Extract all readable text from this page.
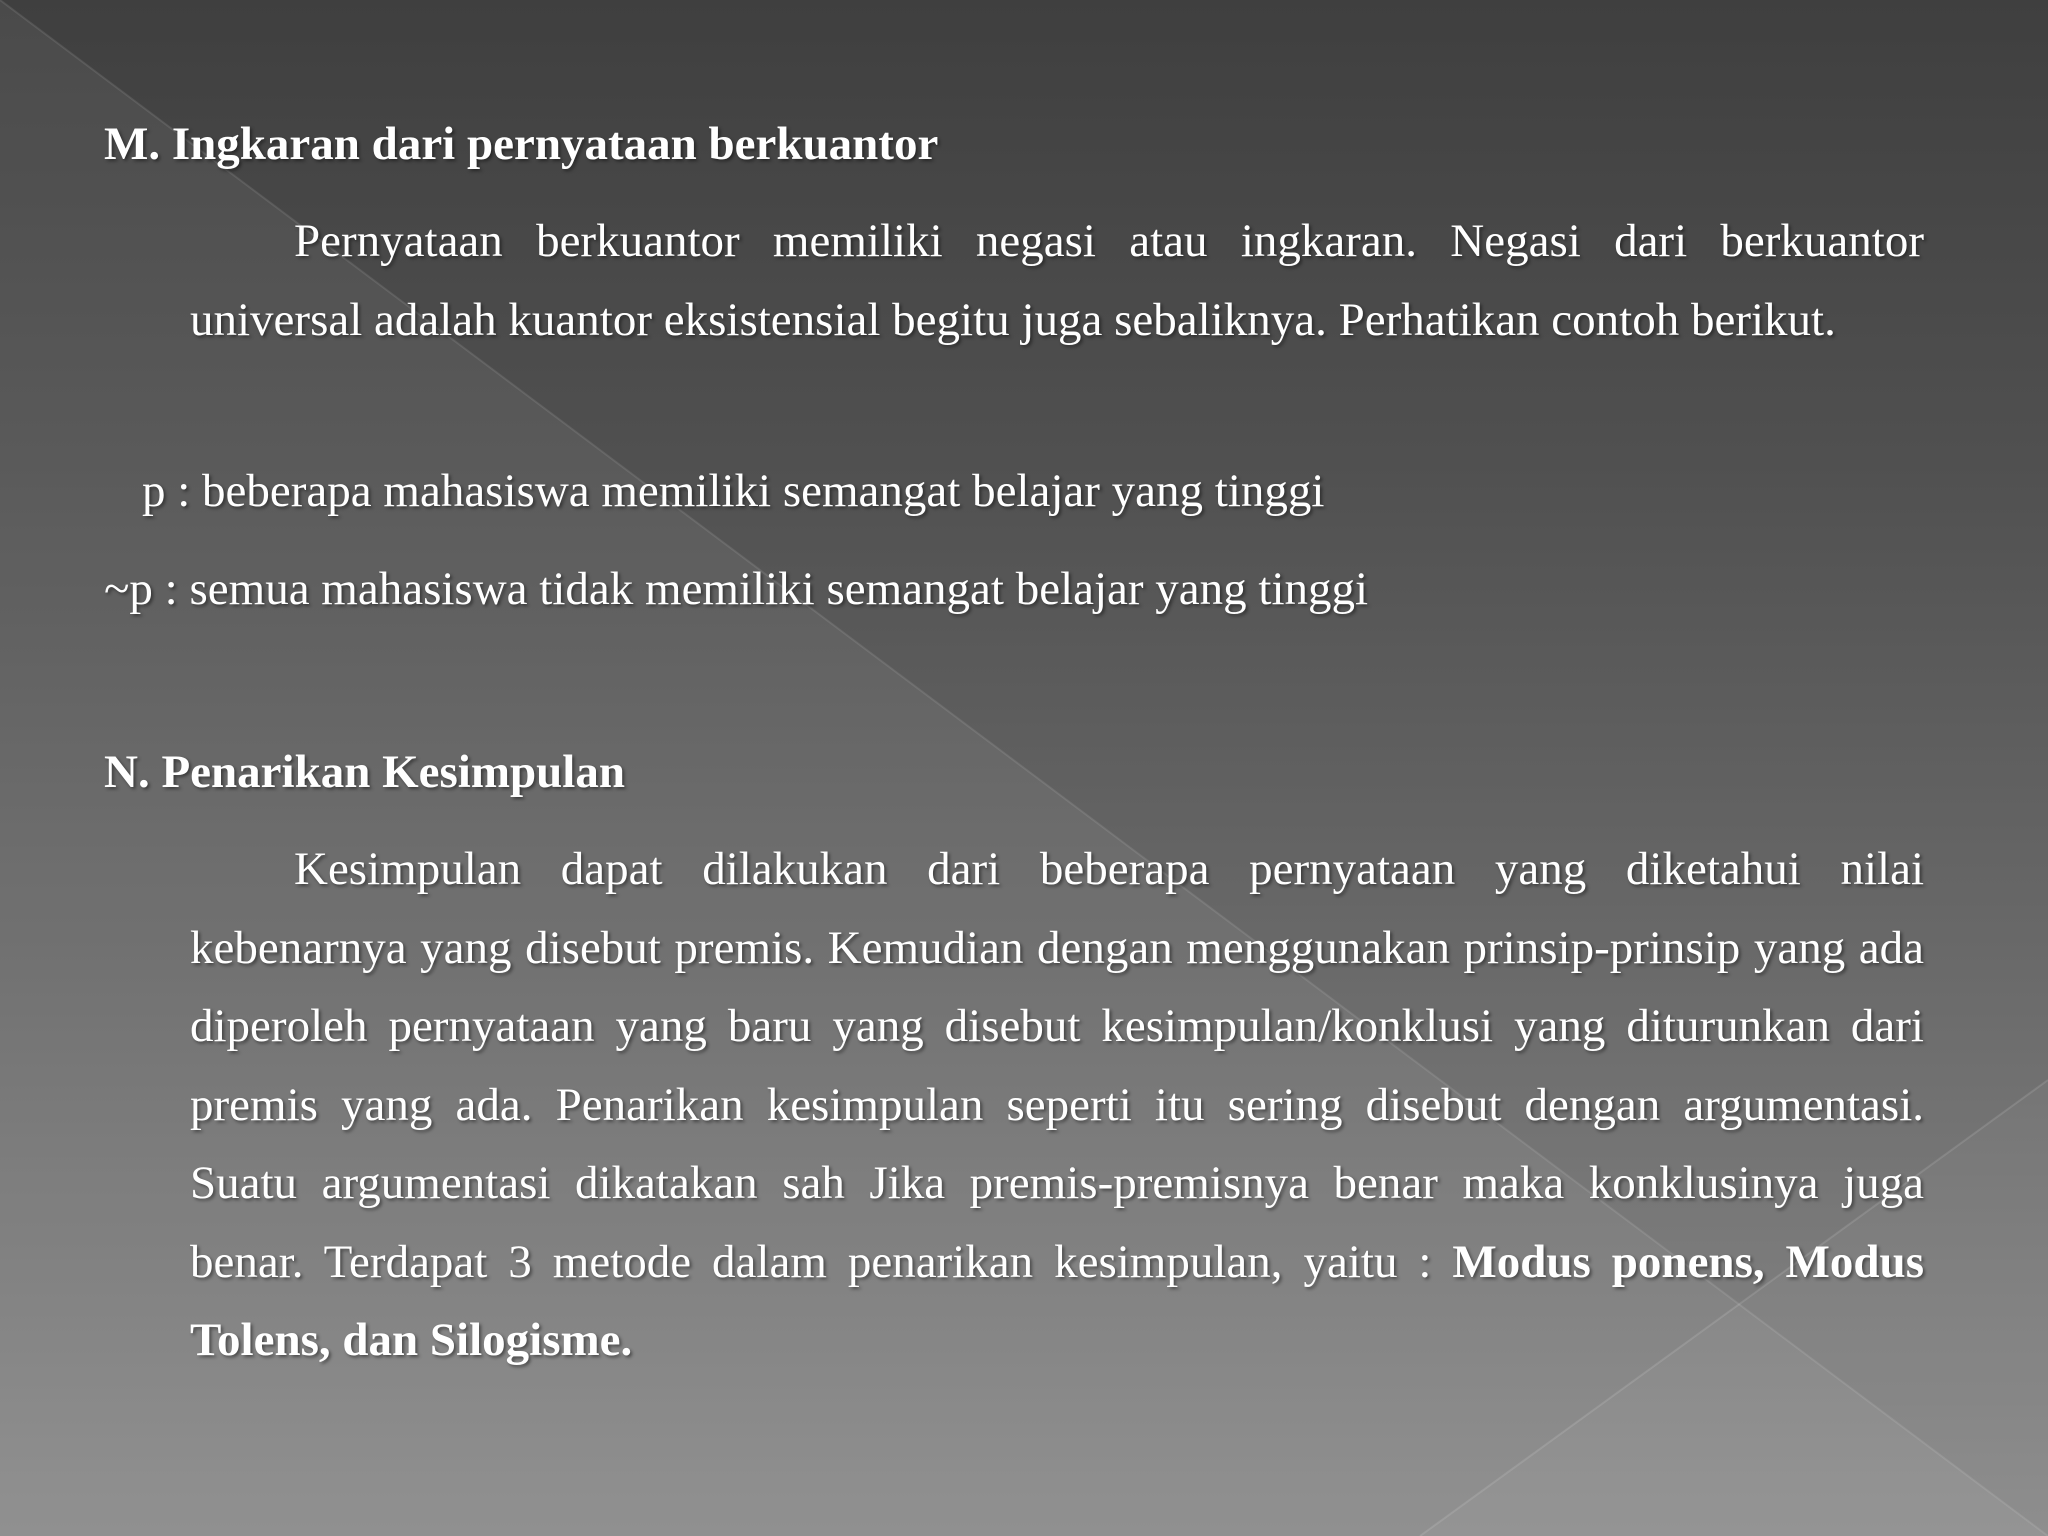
M. Ingkaran dari pernyataan berkuantor

Pernyataan berkuantor memiliki negasi atau ingkaran. Negasi dari berkuantor universal adalah kuantor eksistensial begitu juga sebaliknya. Perhatikan contoh berikut.

p : beberapa mahasiswa memiliki semangat belajar yang tinggi

~p : semua mahasiswa tidak memiliki semangat belajar yang tinggi

N. Penarikan Kesimpulan

Kesimpulan dapat dilakukan dari beberapa pernyataan yang diketahui nilai kebenarnya yang disebut premis. Kemudian dengan menggunakan prinsip-prinsip yang ada diperoleh pernyataan yang baru yang disebut kesimpulan/konklusi yang diturunkan dari premis yang ada. Penarikan kesimpulan seperti itu sering disebut dengan argumentasi. Suatu argumentasi dikatakan sah Jika premis-premisnya benar maka konklusinya juga benar. Terdapat 3 metode dalam penarikan kesimpulan, yaitu : Modus ponens, Modus Tolens, dan Silogisme.
